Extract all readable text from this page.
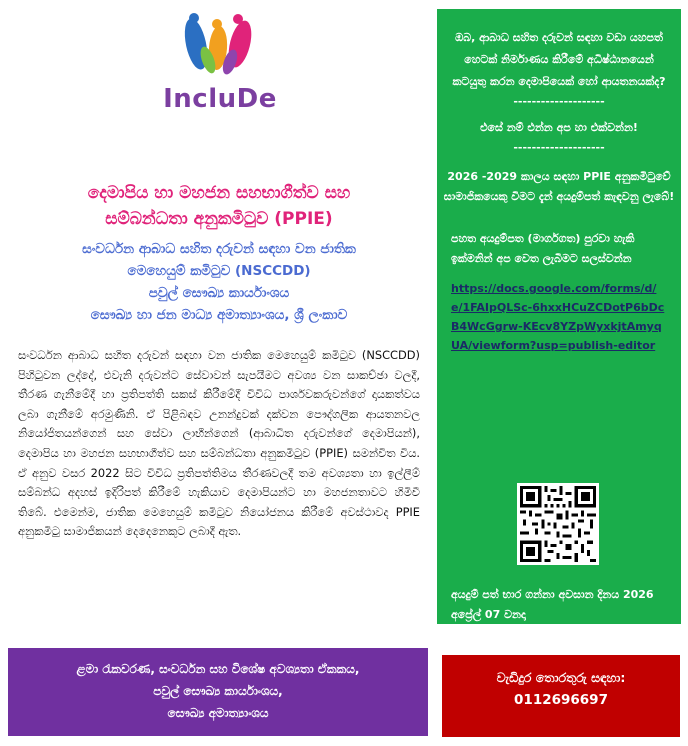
IncluDe
දෙමාපිය හා මහජන සහභාගීත්ව සහ
සම්බන්ධතා අනුකමිටුව (PPIE)
සංවර්ධන ආබාධ සහිත දරුවන් සඳහා වන ජාතික
මෙහෙයුම් කමිටුව (NSCCDD)
පවුල් සෞඛ්‍ය කාර්යාංශය
සෞඛ්‍ය හා ජන මාධ්‍ය අමාත්‍යාංශය, ශ්‍රී ලංකාව
සංවර්ධන ආබාධ සහිත දරුවන් සඳහා වන ජාතික මෙහෙයුම් කමිටුව (NSCCDD) පිහිටුවන ලද්දේ, එවැනි දරුවන්ට සේවාවන් සැපයීමට අවශ්‍ය වන සාකච්ඡා වලදී, තීරණ ගැනීමේදී හා ප්‍රතිපත්ති සකස් කිරීමේදී විවිධ පාර්ශවකරුවන්ගේ දායකත්වය ලබා ගැනීමේ අරමුණිනි. ඒ පිළිබඳව උනන්දුවක් දක්වන පෞද්ගලික ආයතනවල නියෝජිතයන්ගෙන් සහ සේවා ලාභීන්ගෙන් (ආබාධිත දරුවන්ගේ දෙමාපියන්), දෙමාපිය හා මහජන සහභාගීත්ව සහ සම්බන්ධතා අනුකමිටුව (PPIE) සමන්විත විය. ඒ අනුව වසර 2022 සිට විවිධ ප්‍රතිපත්තිමය තීරණවලදී තම අවශ්‍යතා හා ඉල්ලීම් සම්බන්ධ අදහස් ඉදිරිපත් කිරීමේ හැකියාව දෙමාපියන්ට හා මහජනතාවට හිමිවී තිබේ. එමෙන්ම, ජාතික මෙහෙයුම් කමිටුව නියෝජනය කිරීමේ අවස්ථාවද PPIE අනුකමිටු සාමාජිකයන් දෙදෙනෙකුට ලබාදී ඇත.
ළමා රැකවරණ, සංවර්ධන සහ විශේෂ අවශ්‍යතා ඒකකය,
පවුල් සෞඛ්‍ය කාර්යාංශය,
සෞඛ්‍ය අමාත්‍යාංශය
ඔබ, ආබාධ සහිත දරුවන් සඳහා වඩා යහපත් හෙටක් නිර්මාණය කිරීමේ අධිෂ්ඨානයෙන් කටයුතු කරන දෙමාපියෙක් හෝ ආයතනයක්ද?
--------------------
එසේ නම් එන්න අප හා එක්වන්න!
--------------------
2026 -2029 කාලය සඳහා PPIE අනුකමිටුවේ සාමාජිකයෙකු වීමට දැන් අයදුම්පත් කැඳවනු ලැබේ!
පහත අයදුම්පත (මාර්ගගත) පුරවා හැකි ඉක්මනින් අප වෙත ලැබීමට සලස්වන්න
https://docs.google.com/forms/d/e/1FAIpQLSc-6hxxHCuZCDotP6bDcB4WcGgrw-KEcv8YZpWyxkjtAmyqUA/viewform?usp=publish-editor
අයදුම් පත් භාර ගන්නා අවසාන දිනය 2026 අප්‍රේල් 07 වනදා
වැඩිදුර තොරතුරු සඳහා:
0112696697
